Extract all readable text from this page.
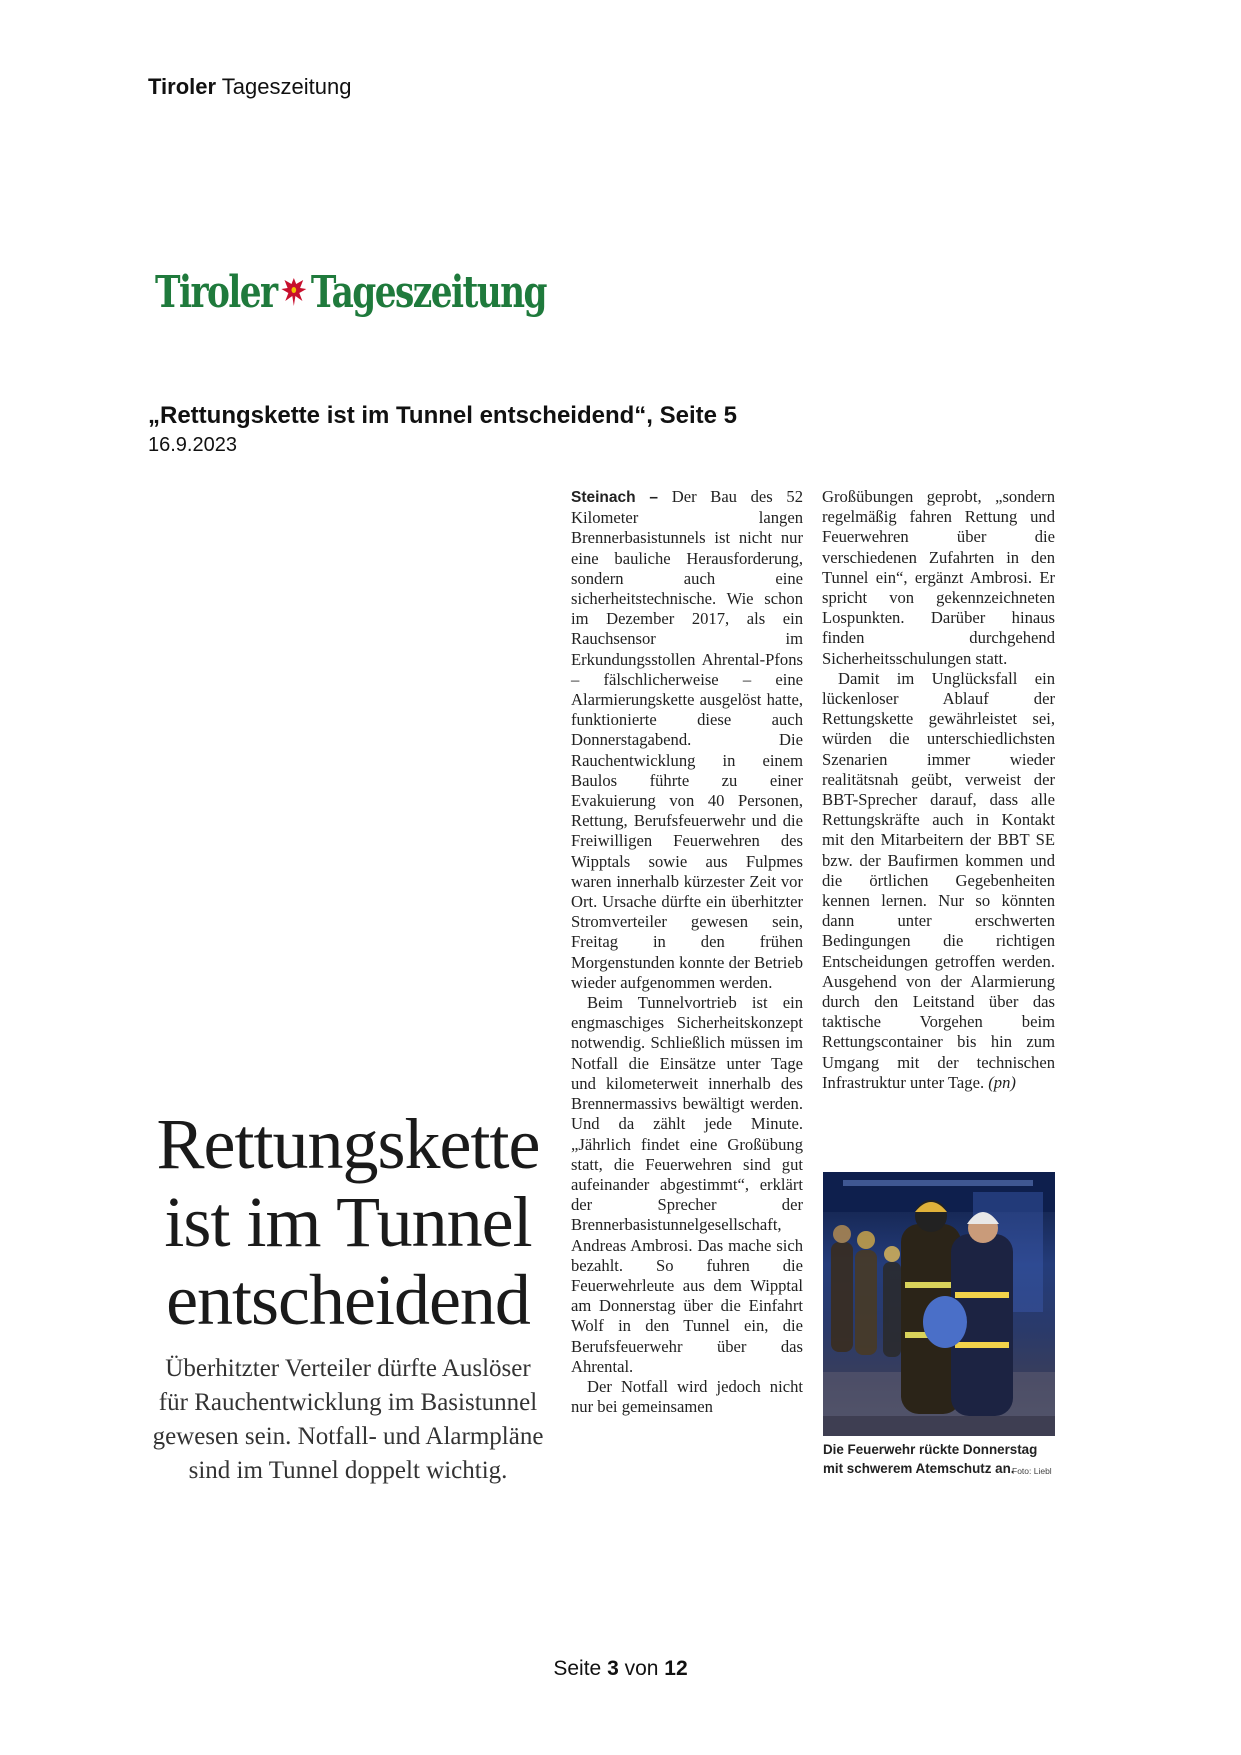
Tiroler Tageszeitung
Tiroler Tageszeitung
„Rettungskette ist im Tunnel entscheidend“, Seite 5
16.9.2023
Rettungskette
ist im Tunnel
entscheidend
Überhitzter Verteiler dürfte Auslöser für Rauchentwicklung im Basistunnel gewesen sein. Notfall- und Alarmpläne sind im Tunnel doppelt wichtig.

Steinach – Der Bau des 52 Kilometer langen Brennerbasistunnels ist nicht nur eine bauliche Herausforderung, sondern auch eine sicherheitstechnische. Wie schon im Dezember 2017, als ein Rauchsensor im Erkundungsstollen Ahrental-Pfons – fälschlicherweise – eine Alarmierungskette ausgelöst hatte, funktionierte diese auch Donnerstagabend. Die Rauchentwicklung in einem Baulos führte zu einer Evakuierung von 40 Personen, Rettung, Berufsfeuerwehr und die Freiwilligen Feuerwehren des Wipptals sowie aus Fulpmes waren innerhalb kürzester Zeit vor Ort. Ursache dürfte ein überhitzter Stromverteiler gewesen sein, Freitag in den frühen Morgenstunden konnte der Betrieb wieder aufgenommen werden.

Beim Tunnelvortrieb ist ein engmaschiges Sicherheitskonzept notwendig. Schließlich müssen im Notfall die Einsätze unter Tage und kilometerweit innerhalb des Brennermassivs bewältigt werden. Und da zählt jede Minute. „Jährlich findet eine Großübung statt, die Feuerwehren sind gut aufeinander abgestimmt“, erklärt der Sprecher der Brennerbasistunnelgesellschaft, Andreas Ambrosi. Das mache sich bezahlt. So fuhren die Feuerwehrleute aus dem Wipptal am Donnerstag über die Einfahrt Wolf in den Tunnel ein, die Berufsfeuerwehr über das Ahrental.

Der Notfall wird jedoch nicht nur bei gemeinsamen

Großübungen geprobt, „sondern regelmäßig fahren Rettung und Feuerwehren über die verschiedenen Zufahrten in den Tunnel ein“, ergänzt Ambrosi. Er spricht von gekennzeichneten Lospunkten. Darüber hinaus finden durchgehend Sicherheitsschulungen statt.

Damit im Unglücksfall ein lückenloser Ablauf der Rettungskette gewährleistet sei, würden die unterschiedlichsten Szenarien immer wieder realitätsnah geübt, verweist der BBT-Sprecher darauf, dass alle Rettungskräfte auch in Kontakt mit den Mitarbeitern der BBT SE bzw. der Baufirmen kommen und die örtlichen Gegebenheiten kennen lernen. Nur so könnten dann unter erschwerten Bedingungen die richtigen Entscheidungen getroffen werden. Ausgehend von der Alarmierung durch den Leitstand über das taktische Vorgehen beim Rettungscontainer bis hin zum Umgang mit der technischen Infrastruktur unter Tage. (pn)

Die Feuerwehr rückte Donnerstag mit schwerem Atemschutz an.
Foto: Liebl
Seite 3 von 12
